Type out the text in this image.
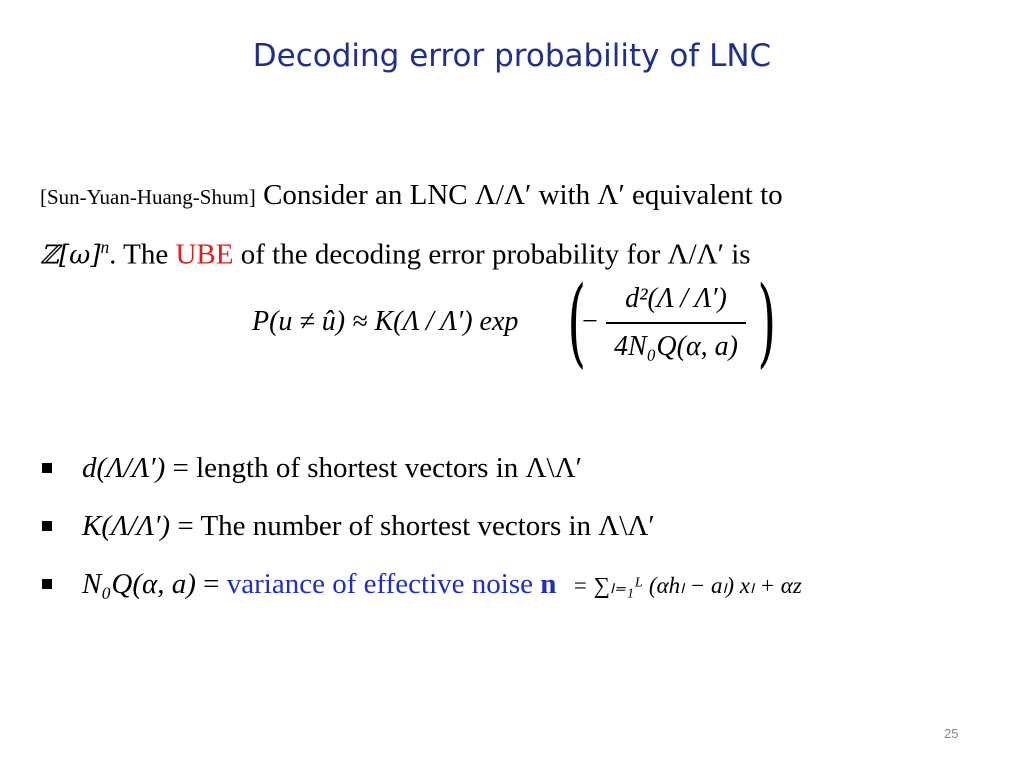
Decoding error probability of LNC
[Sun-Yuan-Huang-Shum] Consider an LNC Λ/Λ′ with Λ′ equivalent to
$ℤ[\omega]^n$. The UBE of the decoding error probability for Λ/Λ′ is
P(u ≠ û) ≈ K(Λ / Λ′) exp (
−
d²(Λ / Λ′)
4N₀Q(α, a) )
d(Λ/Λ′) = length of shortest vectors in Λ\Λ′
K(Λ/Λ′) = The number of shortest vectors in Λ\Λ′
N₀Q(α, a) = variance of effective noise n = ∑ₗ₌₁ᴸ (αhₗ − aₗ) xₗ + αz
25
